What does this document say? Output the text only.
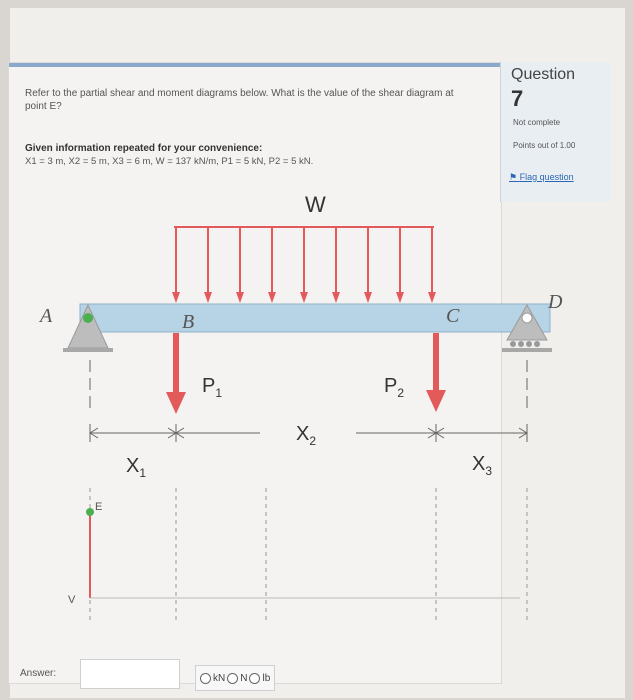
Refer to the partial shear and moment diagrams below. What is the value of the shear diagram at point E?
Given information repeated for your convenience:
X1 = 3 m, X2 = 5 m, X3 = 6 m, W = 137 kN/m, P1 = 5 kN, P2 = 5 kN.
Question
7
Not complete
Points out of 1.00
⚑ Flag question
W
A	B	C
D
$P_1$	$P_2$
$X_1$
$X_2$
$X_3$
E
V
Answer:	kN N lb
